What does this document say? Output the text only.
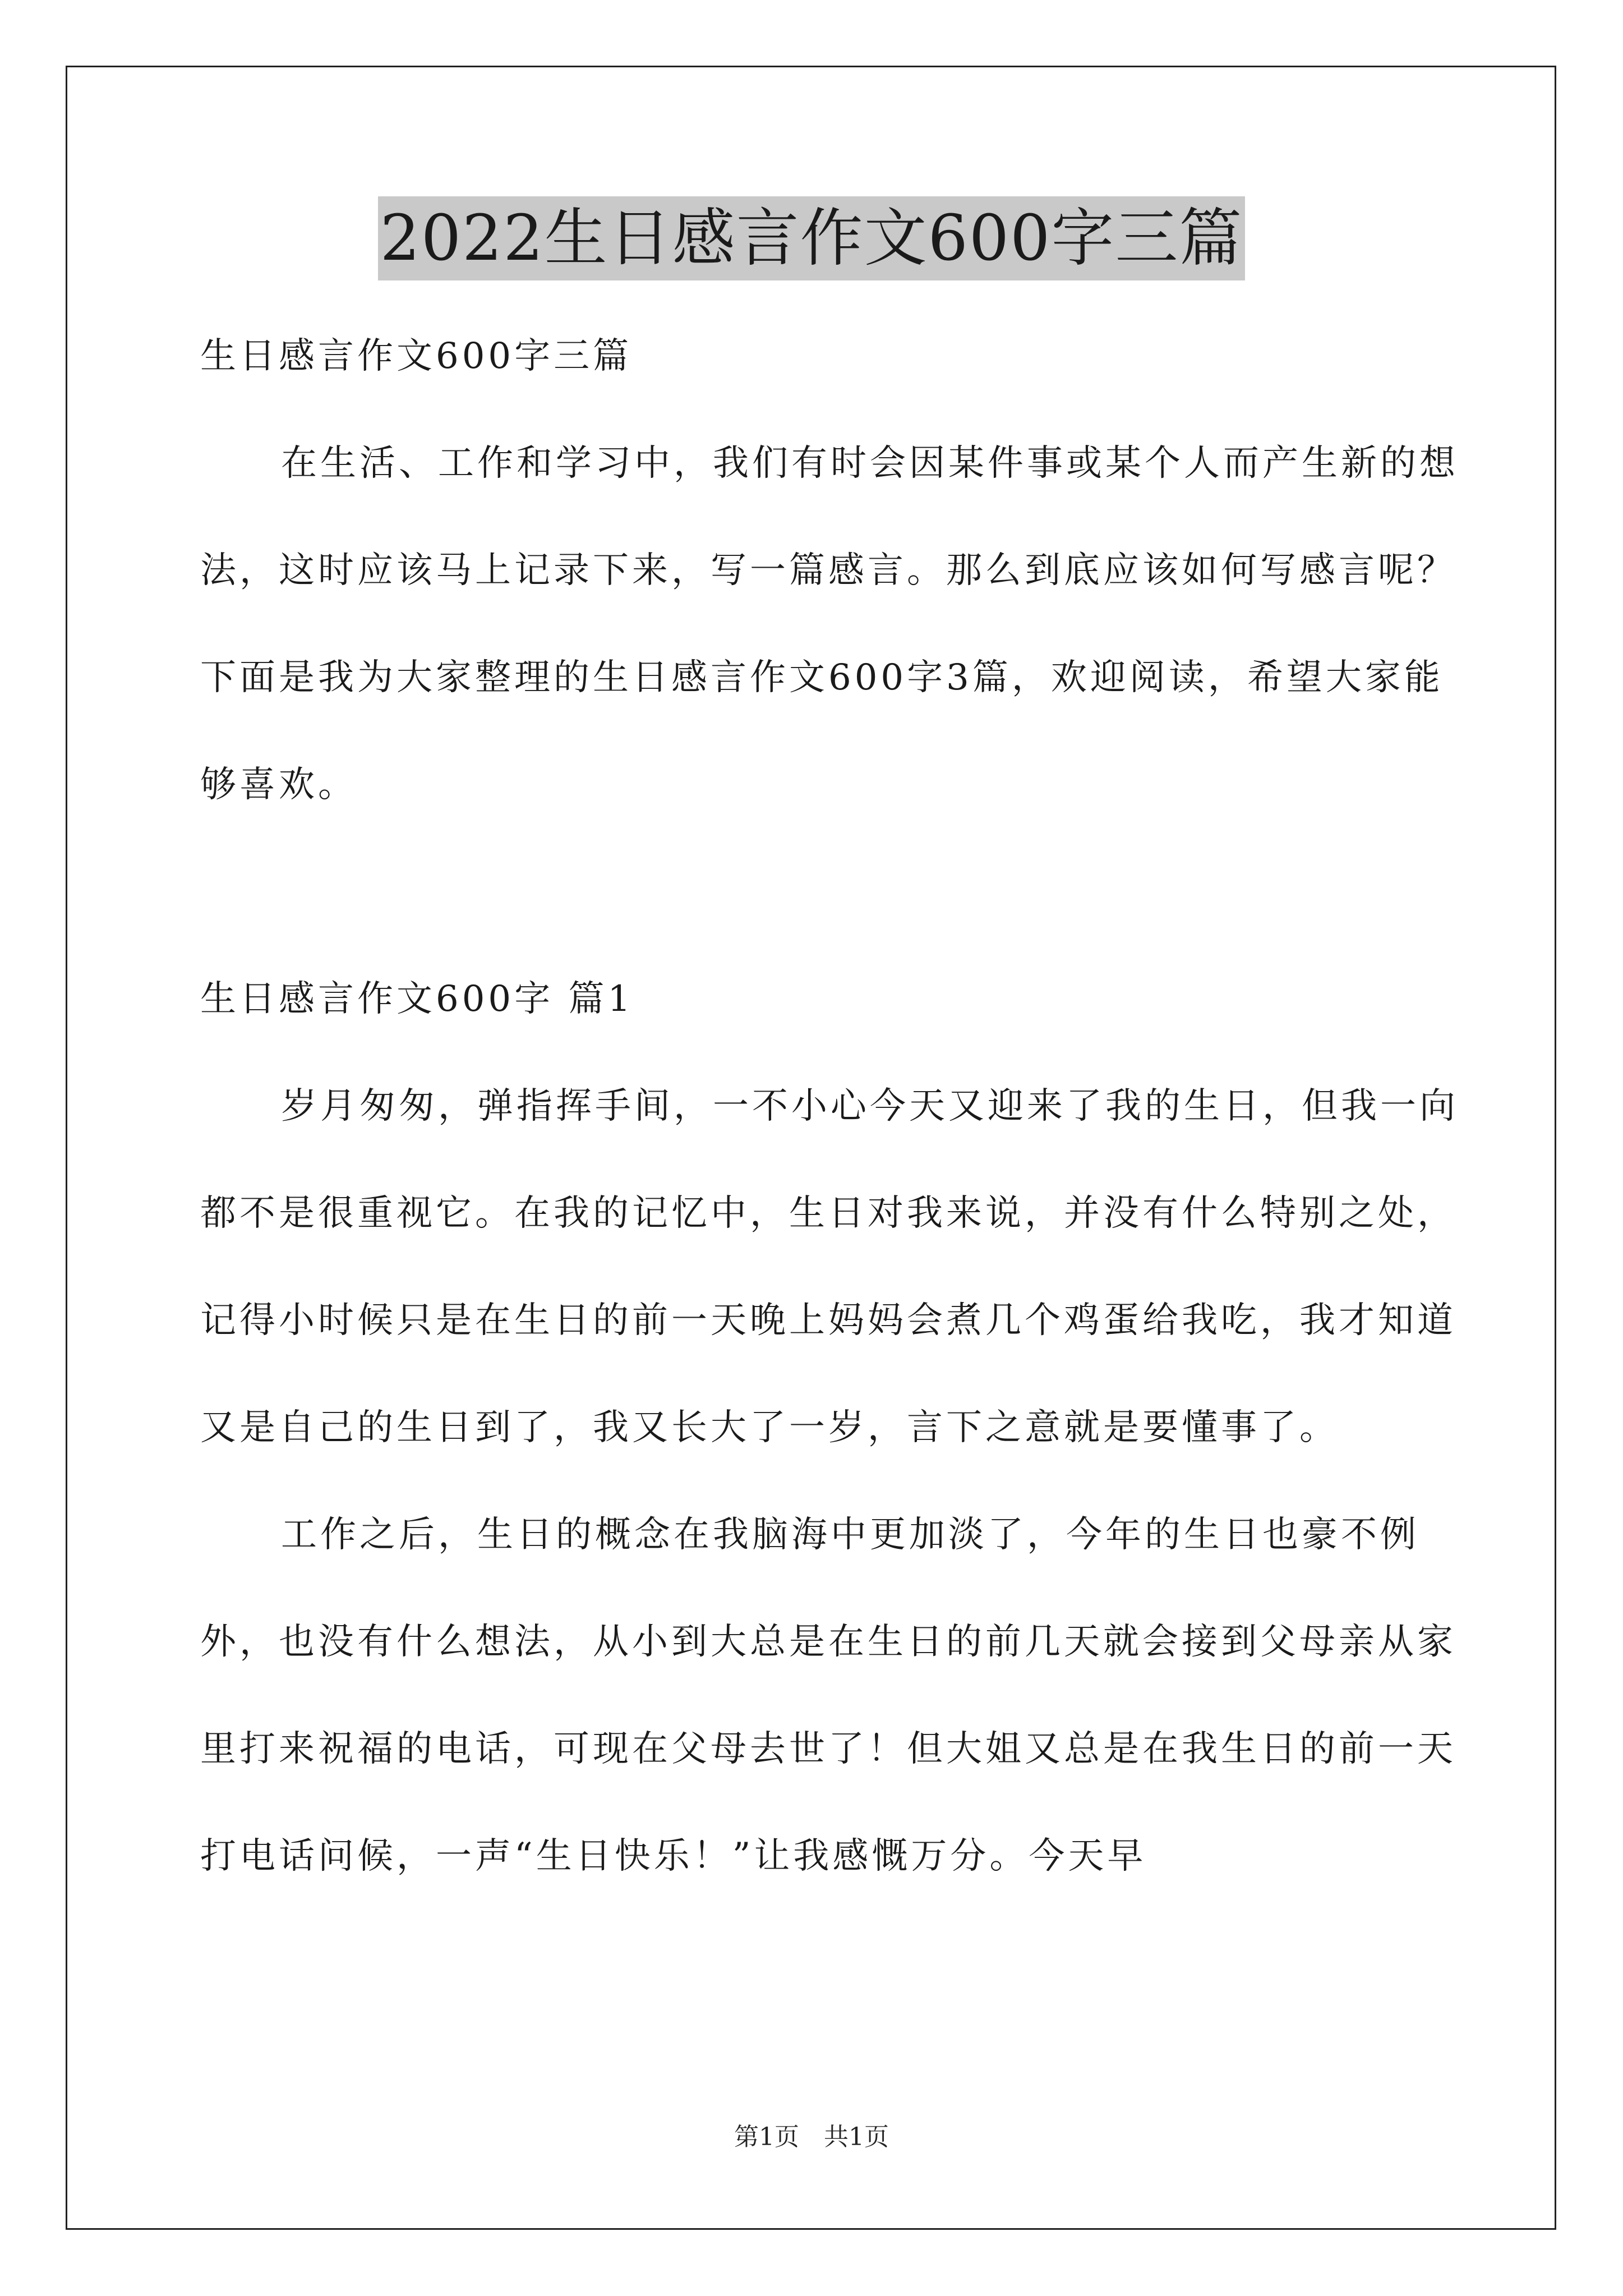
2022生日感言作文600字三篇

生日感言作文600字三篇

在生活、工作和学习中，我们有时会因某件事或某个人而产生新的想法，这时应该马上记录下来，写一篇感言。那么到底应该如何写感言呢？下面是我为大家整理的生日感言作文600字3篇，欢迎阅读，希望大家能够喜欢。

生日感言作文600字 篇1

岁月匆匆，弹指挥手间，一不小心今天又迎来了我的生日，但我一向都不是很重视它。在我的记忆中，生日对我来说，并没有什么特别之处，记得小时候只是在生日的前一天晚上妈妈会煮几个鸡蛋给我吃，我才知道又是自己的生日到了，我又长大了一岁，言下之意就是要懂事了。

工作之后，生日的概念在我脑海中更加淡了，今年的生日也豪不例外，也没有什么想法，从小到大总是在生日的前几天就会接到父母亲从家里打来祝福的电话，可现在父母去世了！但大姐又总是在我生日的前一天打电话问候，一声“生日快乐！”让我感慨万分。今天早

第1页　共1页
